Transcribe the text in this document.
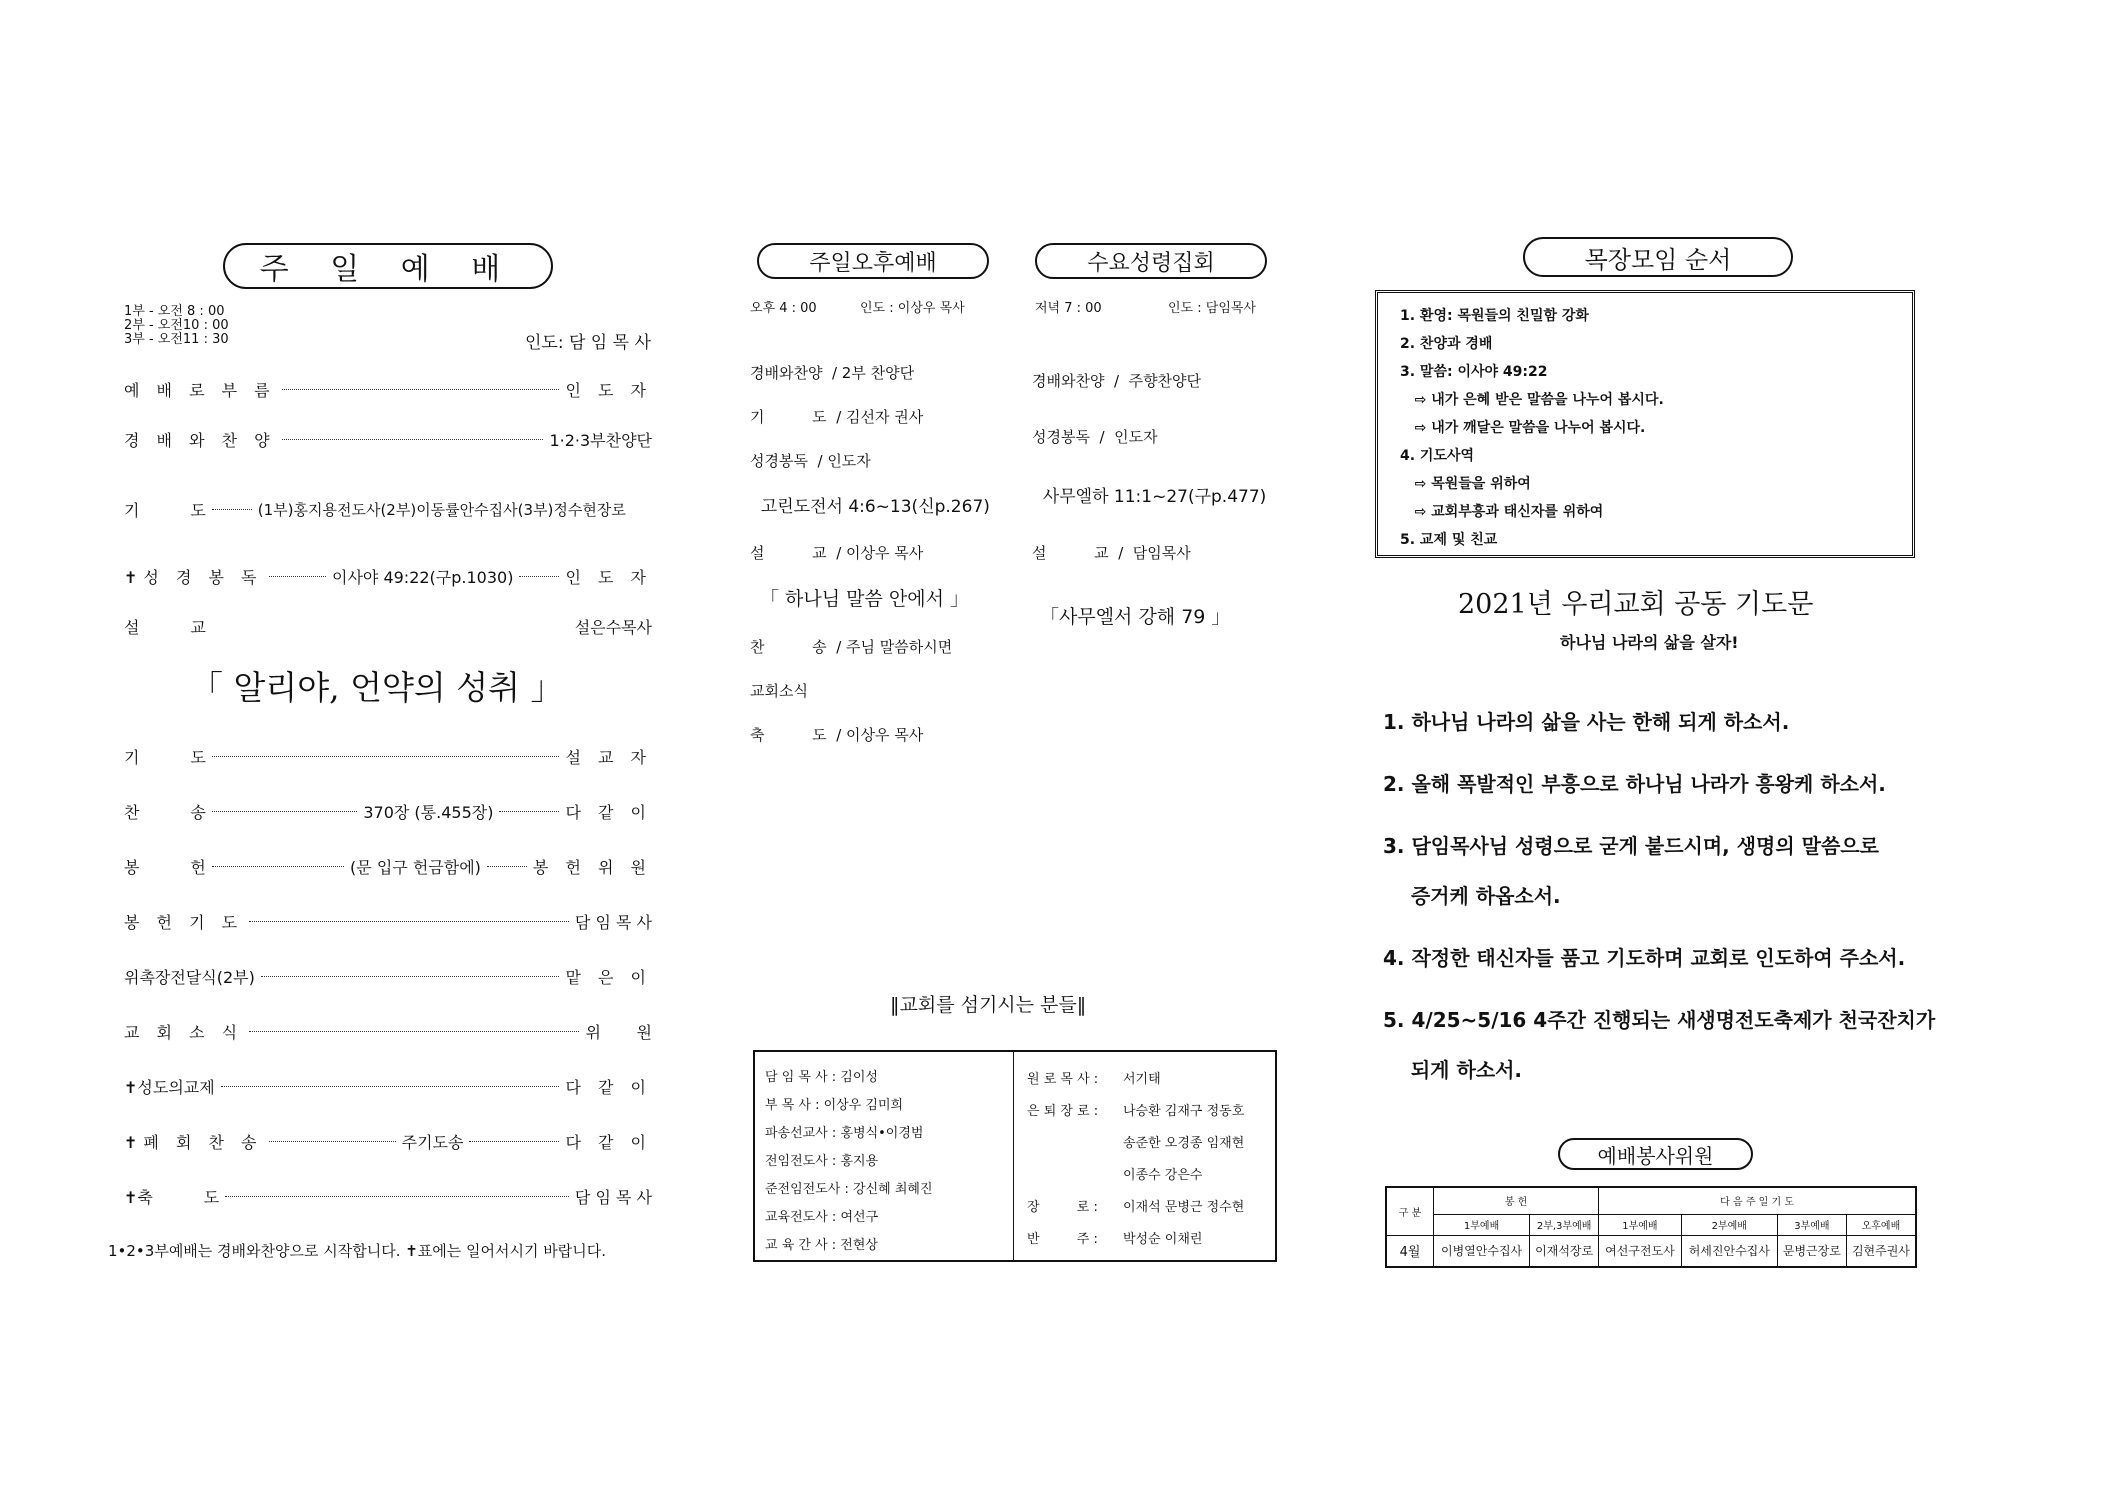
주 일 예 배
1부 - 오전 8 : 00
2부 - 오전10 : 00
3부 - 오전11 : 30	인도: 담 임 목 사
예 배 로 부 름	인 도 자
경 배 와 찬 양	1·2·3부찬양단
기          도	(1부)홍지용전도사(2부)이동률안수집사(3부)정수현장로
✝성 경 봉 독	이사야 49:22(구p.1030)	인 도 자
설          교	설은수목사
「 알리야, 언약의 성취 」
기          도	설 교 자
찬          송	370장 (통.455장)	다 같 이
봉          헌	(문 입구 헌금함에)	봉 헌 위 원
봉 헌 기 도	담 임 목 사
위촉장전달식(2부)	맡 은 이
교 회 소 식	위       원
✝성도의교제	다 같 이
✝폐 회 찬 송	주기도송	다 같 이
✝축          도	담 임 목 사
1•2•3부예배는 경배와찬양으로 시작합니다. ✝표에는 일어서시기 바랍니다.
주일오후예배	수요성령집회
오후 4 : 00	인도 : 이상우 목사	저녁 7 : 00	인도 : 담임목사
경배와찬양  / 2부 찬양단
기          도  / 김선자 권사
성경봉독  / 인도자
고린도전서 4:6~13(신p.267)
설          교  / 이상우 목사
「 하나님 말씀 안에서 」
찬          송  / 주님 말씀하시면
교회소식
축          도  / 이상우 목사
경배와찬양  /  주향찬양단
성경봉독  /  인도자
사무엘하 11:1~27(구p.477)
설          교  /  담임목사
「사무엘서 강해 79 」
‖교회를 섬기시는 분들‖
담 임 목 사 : 김이성
부 목 사 : 이상우 김미희
파송선교사 : 홍병식•이경범
전임전도사 : 홍지용
준전임전도사 : 강신혜 최혜진
교육전도사 : 여선구
교 육 간 사 : 전현상
원 로 목 사 : 서기태
은 퇴 장 로 : 나승환 김재구 정동호
송준한 오경종 임재현
이종수 강은수
장         로 : 이재석 문병근 정수현
반         주 : 박성순 이채린
목장모임 순서
1. 환영: 목원들의 친밀함 강화
2. 찬양과 경배
3. 말씀: 이사야 49:22
⇨ 내가 은혜 받은 말씀을 나누어 봅시다.
⇨ 내가 깨달은 말씀을 나누어 봅시다.
4. 기도사역
⇨ 목원들을 위하여
⇨ 교회부흥과 태신자를 위하여
5. 교제 및 친교
2021년 우리교회 공동 기도문
하나님 나라의 삶을 살자!
1. 하나님 나라의 삶을 사는 한해 되게 하소서.
2. 올해 폭발적인 부흥으로 하나님 나라가 흥왕케 하소서.
3. 담임목사님 성령으로 굳게 붙드시며, 생명의 말씀으로
증거케 하옵소서.
4. 작정한 태신자들 품고 기도하며 교회로 인도하여 주소서.
5. 4/25~5/16 4주간 진행되는 새생명전도축제가 천국잔치가
되게 하소서.
예배봉사위원
구 분	봉 헌		다 음 주 일 기 도			
	1부예배	2부,3부예배	1부예배	2부예배	3부예배	오후예배
4월	이병열안수집사	이재석장로	여선구전도사	허세진안수집사	문병근장로	김현주권사
